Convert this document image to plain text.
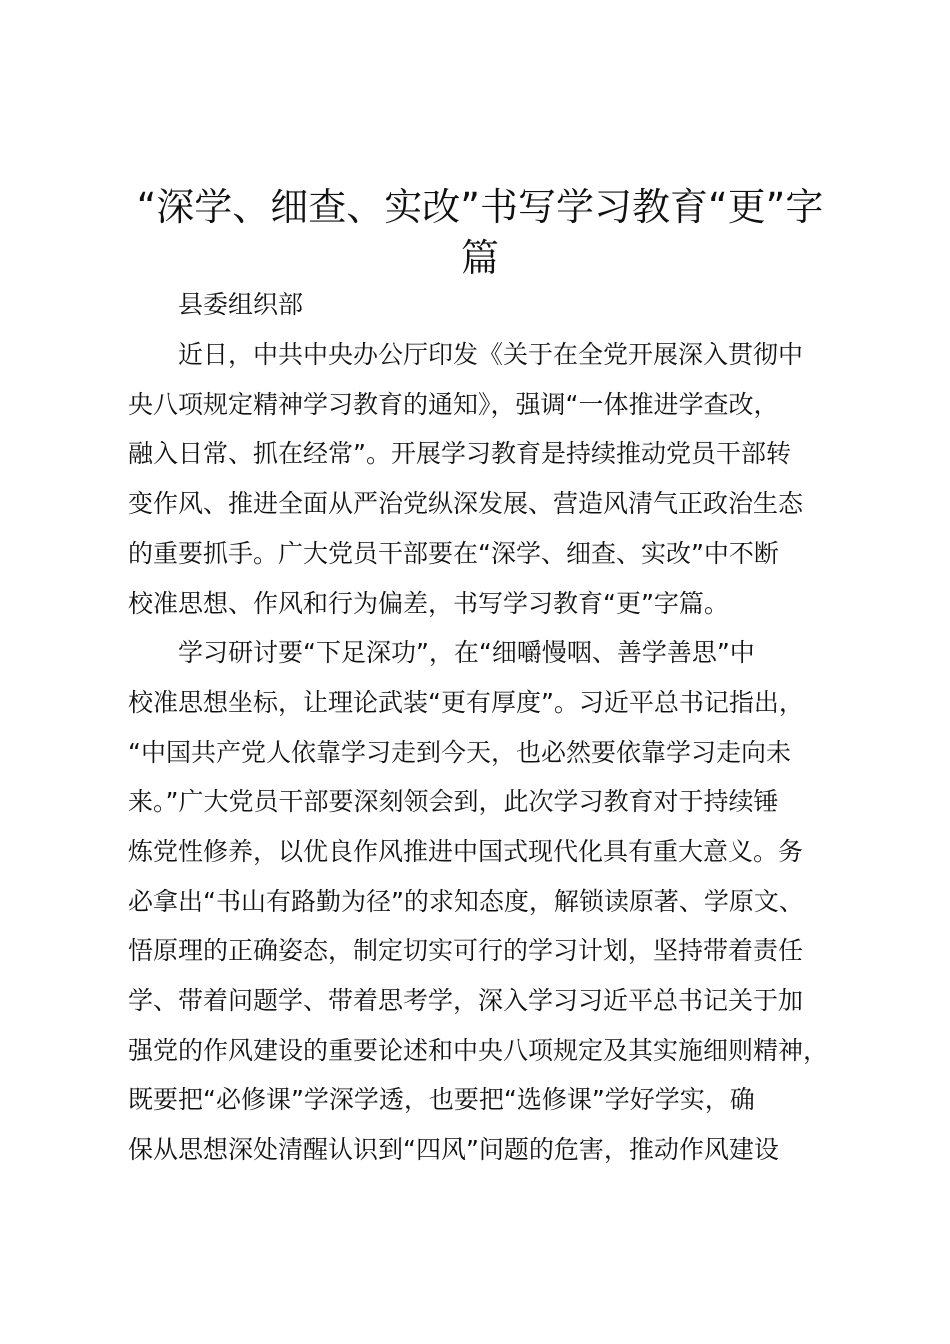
“深学、细查、实改”书写学习教育“更”字
篇

县委组织部

近日，中共中央办公厅印发《关于在全党开展深入贯彻中

央八项规定精神学习教育的通知》，强调“一体推进学查改，

融入日常、抓在经常”。开展学习教育是持续推动党员干部转

变作风、推进全面从严治党纵深发展、营造风清气正政治生态

的重要抓手。广大党员干部要在“深学、细查、实改”中不断

校准思想、作风和行为偏差，书写学习教育“更”字篇。

学习研讨要“下足深功”，在“细嚼慢咽、善学善思”中

校准思想坐标，让理论武装“更有厚度”。习近平总书记指出，

“中国共产党人依靠学习走到今天，也必然要依靠学习走向未

来。”广大党员干部要深刻领会到，此次学习教育对于持续锤

炼党性修养，以优良作风推进中国式现代化具有重大意义。务

必拿出“书山有路勤为径”的求知态度，解锁读原著、学原文、

悟原理的正确姿态，制定切实可行的学习计划，坚持带着责任

学、带着问题学、带着思考学，深入学习习近平总书记关于加

强党的作风建设的重要论述和中央八项规定及其实施细则精神，

既要把“必修课”学深学透，也要把“选修课”学好学实，确

保从思想深处清醒认识到“四风”问题的危害，推动作风建设
